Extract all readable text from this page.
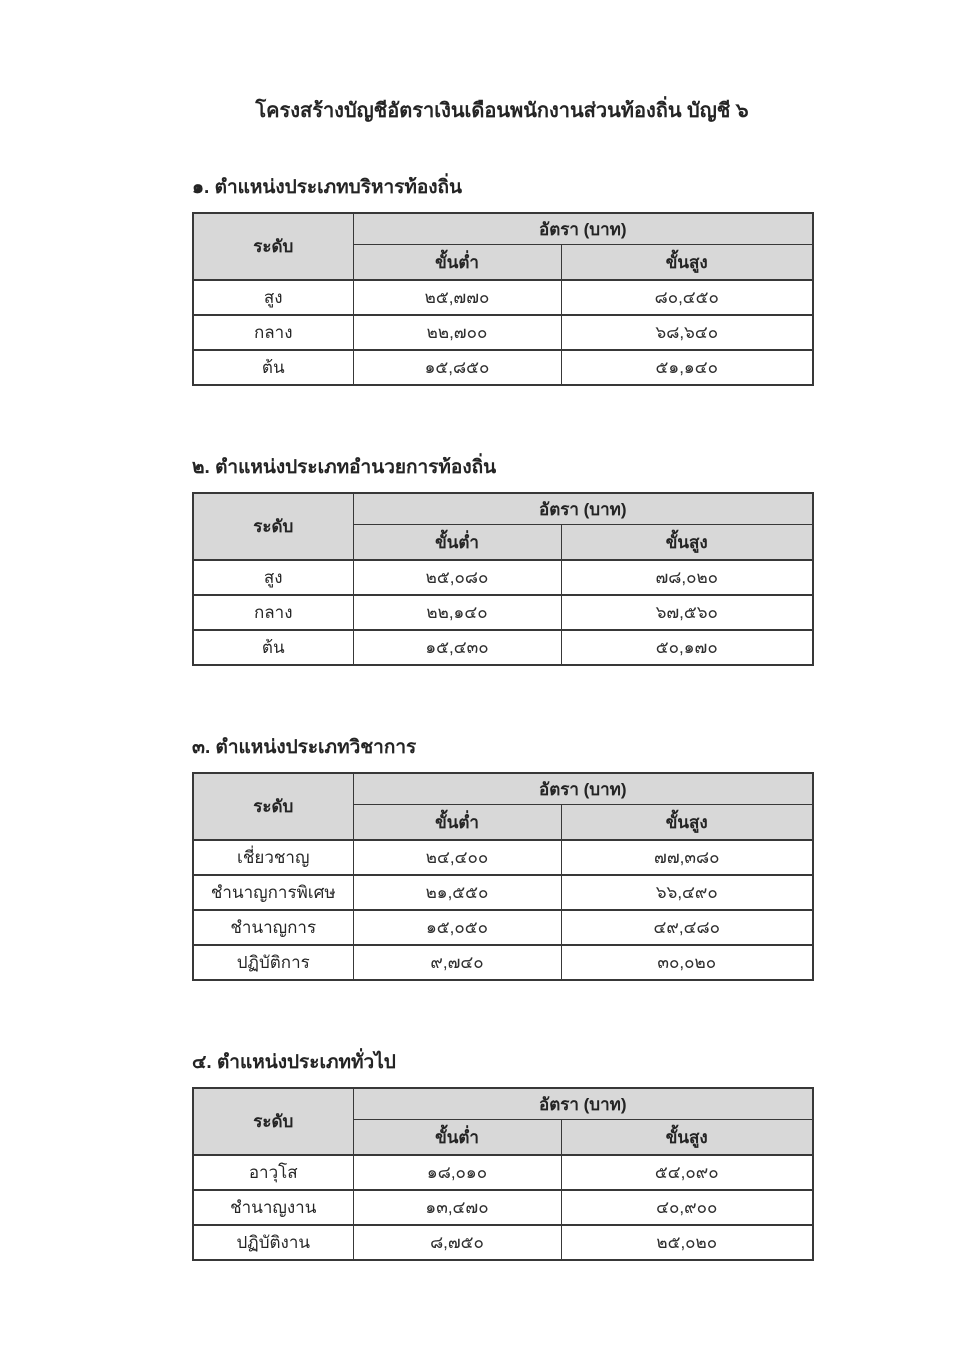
โครงสร้างบัญชีอัตราเงินเดือนพนักงานส่วนท้องถิ่น บัญชี ๖
๑. ตำแหน่งประเภทบริหารท้องถิ่น
ระดับ	อัตรา (บาท)	
	ขั้นต่ำ	ขั้นสูง
สูง	๒๕,๗๗๐	๘๐,๔๕๐
กลาง	๒๒,๗๐๐	๖๘,๖๔๐
ต้น	๑๕,๘๕๐	๕๑,๑๔๐
๒. ตำแหน่งประเภทอำนวยการท้องถิ่น
ระดับ	อัตรา (บาท)	
	ขั้นต่ำ	ขั้นสูง
สูง	๒๕,๐๘๐	๗๘,๐๒๐
กลาง	๒๒,๑๔๐	๖๗,๕๖๐
ต้น	๑๕,๔๓๐	๕๐,๑๗๐
๓. ตำแหน่งประเภทวิชาการ
ระดับ	อัตรา (บาท)	
	ขั้นต่ำ	ขั้นสูง
เชี่ยวชาญ	๒๔,๔๐๐	๗๗,๓๘๐
ชำนาญการพิเศษ	๒๑,๕๕๐	๖๖,๔๙๐
ชำนาญการ	๑๕,๐๕๐	๔๙,๔๘๐
ปฏิบัติการ	๙,๗๔๐	๓๐,๐๒๐
๔. ตำแหน่งประเภททั่วไป
ระดับ	อัตรา (บาท)	
	ขั้นต่ำ	ขั้นสูง
อาวุโส	๑๘,๐๑๐	๕๔,๐๙๐
ชำนาญงาน	๑๓,๔๗๐	๔๐,๙๐๐
ปฏิบัติงาน	๘,๗๕๐	๒๕,๐๒๐
